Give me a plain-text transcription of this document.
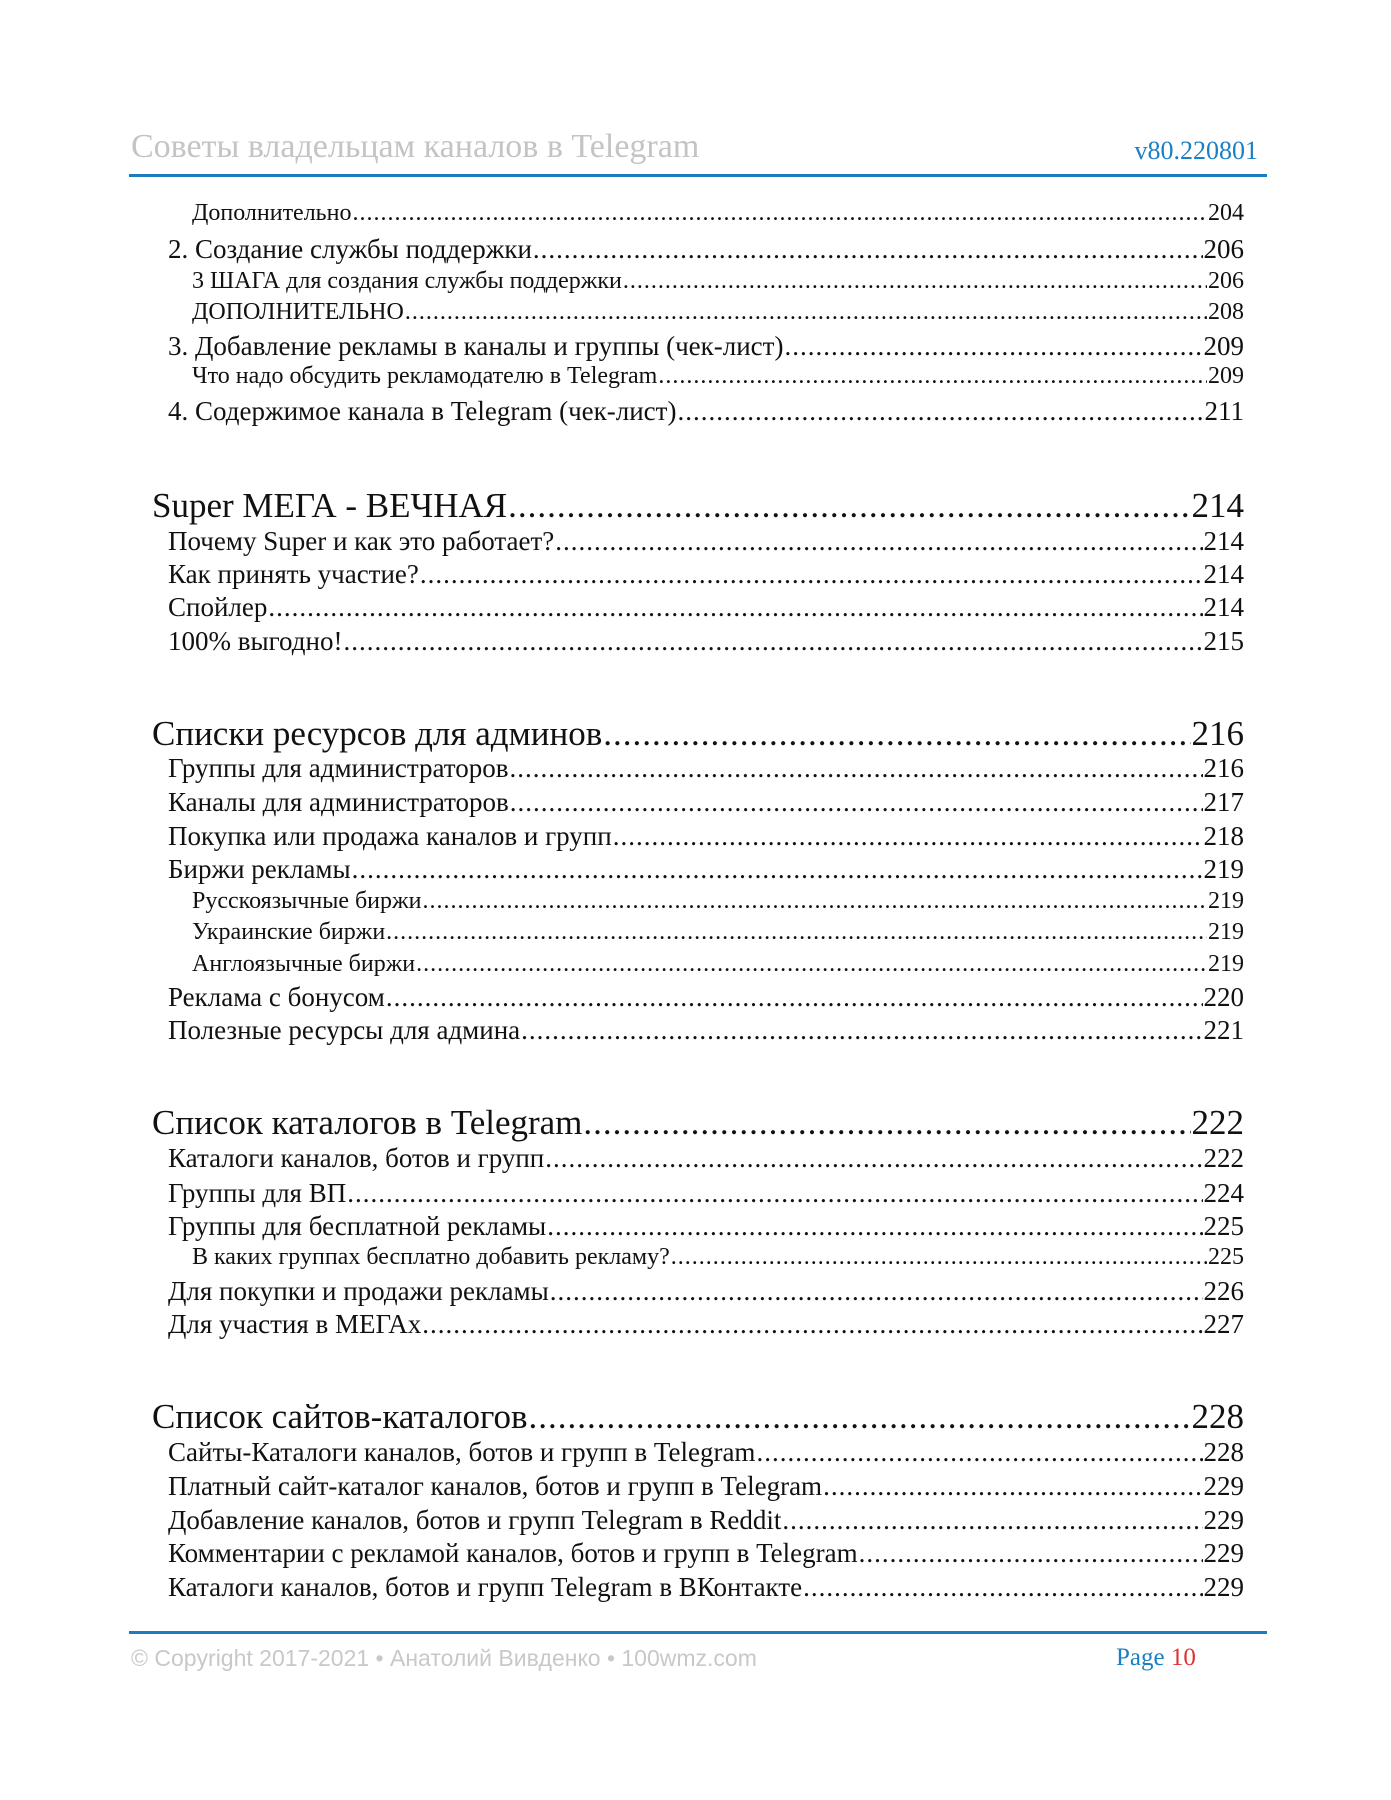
Советы владельцам каналов в Telegram	v80.220801
Дополнительно .....	204
2. Создание службы поддержки .....	206
3 ШАГА для создания службы поддержки .....	206
ДОПОЛНИТЕЛЬНО .....	208
3. Добавление рекламы в каналы и группы (чек-лист) .....	209
Что надо обсудить рекламодателю в Telegram .....	209
4. Содержимое канала в Telegram (чек-лист) .....	211
Super МЕГА - ВЕЧНАЯ .....	214
Почему Super и как это работает? .....	214
Как принять участие? .....	214
Спойлер .....	214
100% выгодно! .....	215
Списки ресурсов для админов .....	216
Группы для администраторов .....	216
Каналы для администраторов .....	217
Покупка или продажа каналов и групп .....	218
Биржи рекламы .....	219
Русскоязычные биржи .....	219
Украинские биржи .....	219
Англоязычные биржи .....	219
Реклама с бонусом .....	220
Полезные ресурсы для админа .....	221
Список каталогов в Telegram .....	222
Каталоги каналов, ботов и групп .....	222
Группы для ВП .....	224
Группы для бесплатной рекламы .....	225
В каких группах бесплатно добавить рекламу? .....	225
Для покупки и продажи рекламы .....	226
Для участия в МЕГАх .....	227
Список сайтов-каталогов .....	228
Сайты-Каталоги каналов, ботов и групп в Telegram .....	228
Платный сайт-каталог каналов, ботов и групп в Telegram .....	229
Добавление каналов, ботов и групп Telegram в Reddit .....	229
Комментарии с рекламой каналов, ботов и групп в Telegram .....	229
Каталоги каналов, ботов и групп Telegram в ВКонтакте .....	229
© Copyright 2017-2021 • Анатолий Вивденко • 100wmz.com	Page 10
